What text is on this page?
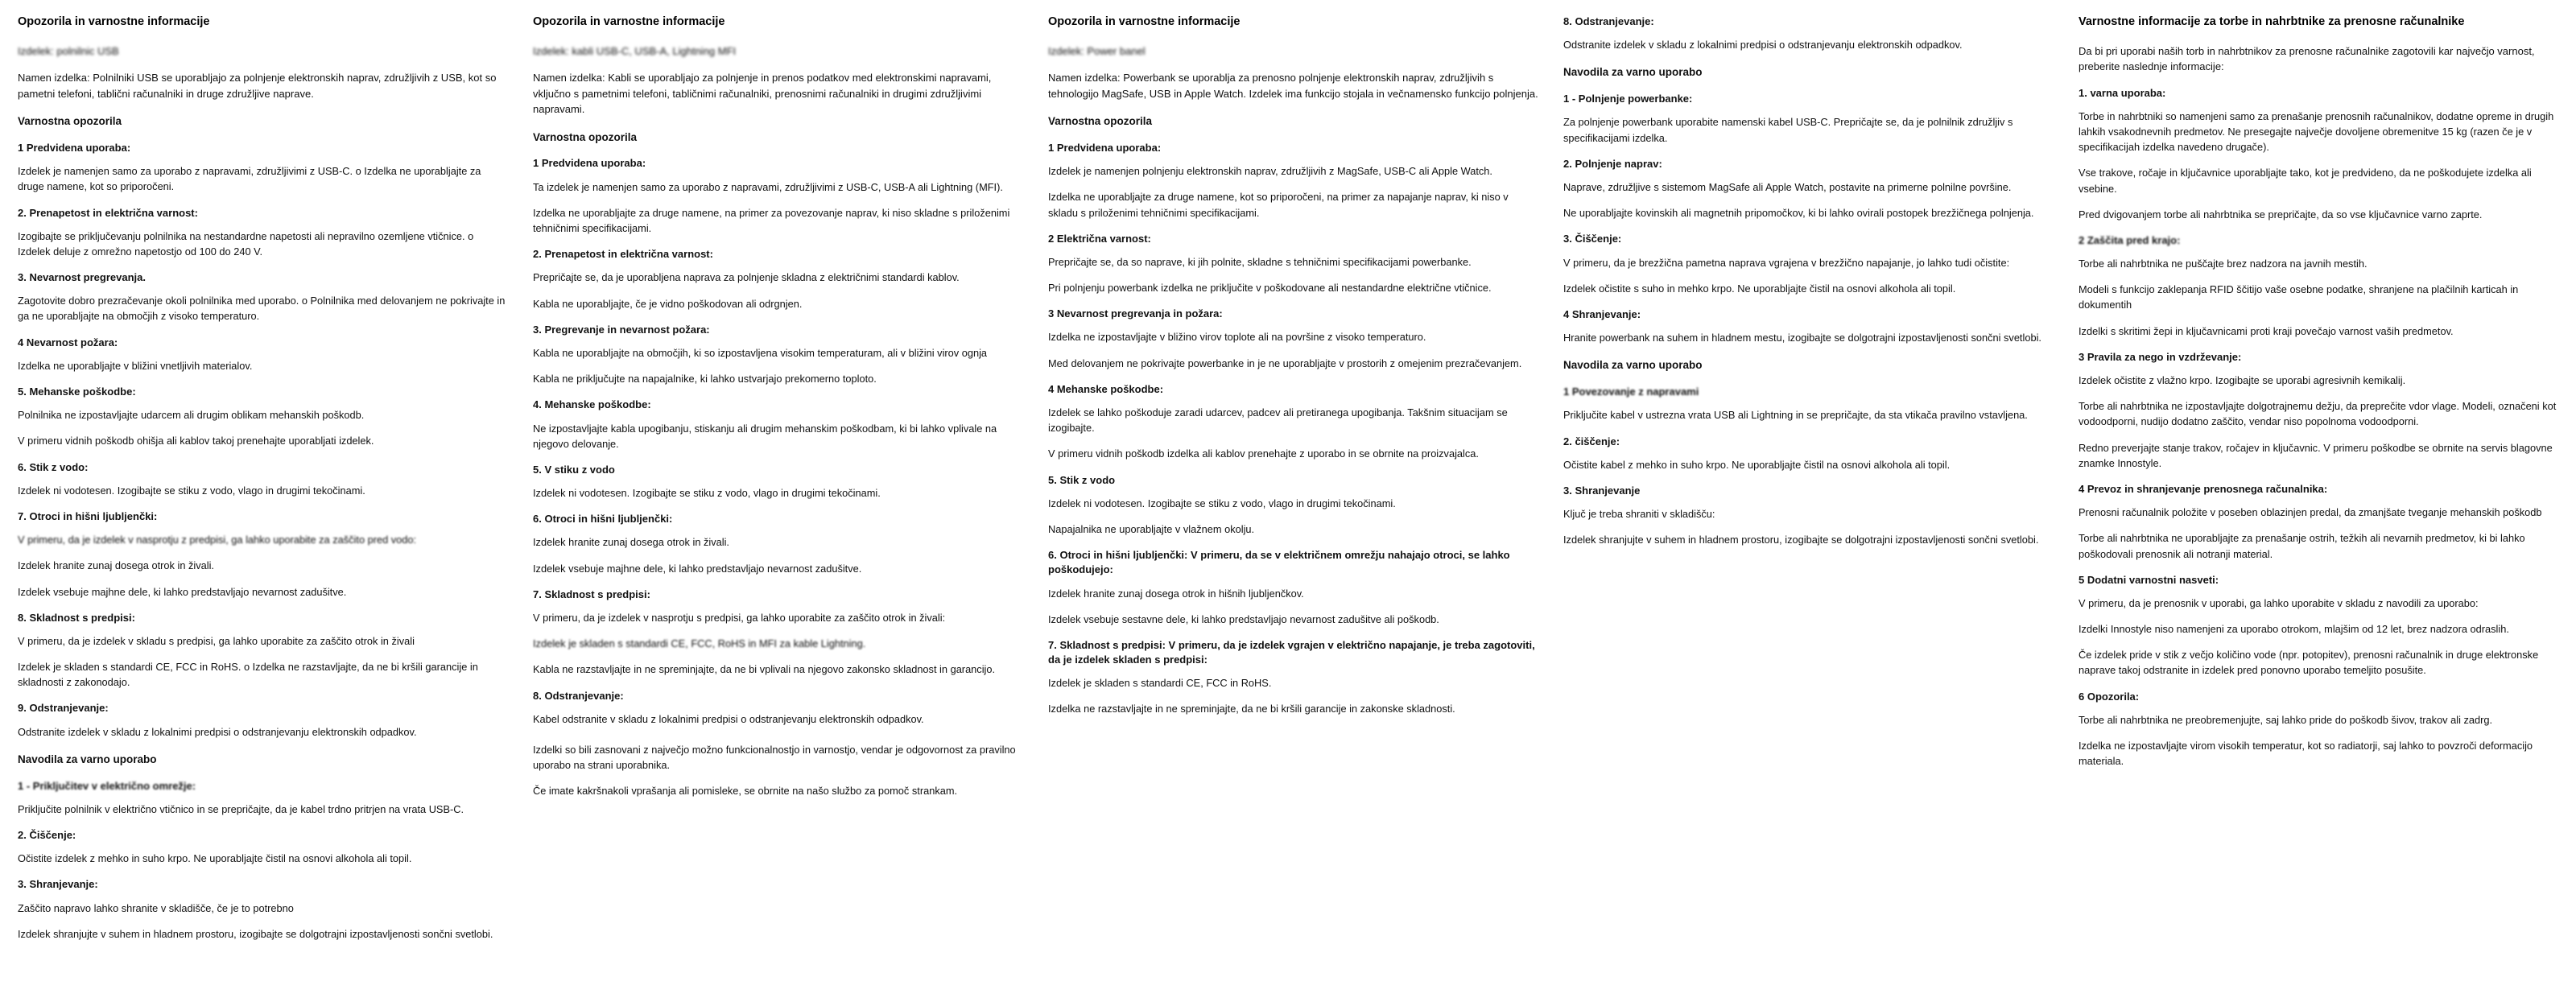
Opozorila in varnostne informacije

Izdelek: polnilnic USB

Namen izdelka: Polnilniki USB se uporabljajo za polnjenje elektronskih naprav, združljivih z USB, kot so pametni telefoni, tablični računalniki in druge združljive naprave.

Varnostna opozorila
1 Predvidena uporaba:

Izdelek je namenjen samo za uporabo z napravami, združljivimi z USB-C. o Izdelka ne uporabljajte za druge namene, kot so priporočeni.

2. Prenapetost in električna varnost:

Izogibajte se priključevanju polnilnika na nestandardne napetosti ali nepravilno ozemljene vtičnice. o Izdelek deluje z omrežno napetostjo od 100 do 240 V.

3. Nevarnost pregrevanja.

Zagotovite dobro prezračevanje okoli polnilnika med uporabo. o Polnilnika med delovanjem ne pokrivajte in ga ne uporabljajte na območjih z visoko temperaturo.

4 Nevarnost požara:

Izdelka ne uporabljajte v bližini vnetljivih materialov.

5. Mehanske poškodbe:

Polnilnika ne izpostavljajte udarcem ali drugim oblikam mehanskih poškodb.

V primeru vidnih poškodb ohišja ali kablov takoj prenehajte uporabljati izdelek.

6. Stik z vodo:

Izdelek ni vodotesen. Izogibajte se stiku z vodo, vlago in drugimi tekočinami.

7. Otroci in hišni ljubljenčki:

V primeru, da je izdelek v nasprotju z predpisi, ga lahko uporabite za zaščito pred vodo:

Izdelek hranite zunaj dosega otrok in živali.

Izdelek vsebuje majhne dele, ki lahko predstavljajo nevarnost zadušitve.

8. Skladnost s predpisi:

V primeru, da je izdelek v skladu s predpisi, ga lahko uporabite za zaščito otrok in živali

Izdelek je skladen s standardi CE, FCC in RoHS. o Izdelka ne razstavljajte, da ne bi kršili garancije in skladnosti z zakonodajo.

9. Odstranjevanje:

Odstranite izdelek v skladu z lokalnimi predpisi o odstranjevanju elektronskih odpadkov.

Navodila za varno uporabo
1 - Priključitev v električno omrežje:

Priključite polnilnik v električno vtičnico in se prepričajte, da je kabel trdno pritrjen na vrata USB-C.

2. Čiščenje:

Očistite izdelek z mehko in suho krpo. Ne uporabljajte čistil na osnovi alkohola ali topil.

3. Shranjevanje:

Zaščito napravo lahko shranite v skladišče, če je to potrebno

Izdelek shranjujte v suhem in hladnem prostoru, izogibajte se dolgotrajni izpostavljenosti sončni svetlobi.

Opozorila in varnostne informacije

Izdelek: kabli USB-C, USB-A, Lightning MFI

Namen izdelka: Kabli se uporabljajo za polnjenje in prenos podatkov med elektronskimi napravami, vključno s pametnimi telefoni, tabličnimi računalniki, prenosnimi računalniki in drugimi združljivimi napravami.

Varnostna opozorila
1 Predvidena uporaba:

Ta izdelek je namenjen samo za uporabo z napravami, združljivimi z USB-C, USB-A ali Lightning (MFI).

Izdelka ne uporabljajte za druge namene, na primer za povezovanje naprav, ki niso skladne s priloženimi tehničnimi specifikacijami.

2. Prenapetost in električna varnost:

Prepričajte se, da je uporabljena naprava za polnjenje skladna z električnimi standardi kablov.

Kabla ne uporabljajte, če je vidno poškodovan ali odrgnjen.

3. Pregrevanje in nevarnost požara:

Kabla ne uporabljajte na območjih, ki so izpostavljena visokim temperaturam, ali v bližini virov ognja

Kabla ne priključujte na napajalnike, ki lahko ustvarjajo prekomerno toploto.

4. Mehanske poškodbe:

Ne izpostavljajte kabla upogibanju, stiskanju ali drugim mehanskim poškodbam, ki bi lahko vplivale na njegovo delovanje.

5. V stiku z vodo

Izdelek ni vodotesen. Izogibajte se stiku z vodo, vlago in drugimi tekočinami.

6. Otroci in hišni ljubljenčki:

Izdelek hranite zunaj dosega otrok in živali.

Izdelek vsebuje majhne dele, ki lahko predstavljajo nevarnost zadušitve.

7. Skladnost s predpisi:

V primeru, da je izdelek v nasprotju s predpisi, ga lahko uporabite za zaščito otrok in živali:

Izdelek je skladen s standardi CE, FCC, RoHS in MFI za kable Lightning.

Kabla ne razstavljajte in ne spreminjajte, da ne bi vplivali na njegovo zakonsko skladnost in garancijo.

8. Odstranjevanje:

Kabel odstranite v skladu z lokalnimi predpisi o odstranjevanju elektronskih odpadkov.

Izdelki so bili zasnovani z največjo možno funkcionalnostjo in varnostjo, vendar je odgovornost za pravilno uporabo na strani uporabnika.

Če imate kakršnakoli vprašanja ali pomisleke, se obrnite na našo službo za pomoč strankam.

Opozorila in varnostne informacije

Izdelek: Power banel

Namen izdelka: Powerbank se uporablja za prenosno polnjenje elektronskih naprav, združljivih s tehnologijo MagSafe, USB in Apple Watch. Izdelek ima funkcijo stojala in večnamensko funkcijo polnjenja.

Varnostna opozorila
1 Predvidena uporaba:

Izdelek je namenjen polnjenju elektronskih naprav, združljivih z MagSafe, USB-C ali Apple Watch.

Izdelka ne uporabljajte za druge namene, kot so priporočeni, na primer za napajanje naprav, ki niso v skladu s priloženimi tehničnimi specifikacijami.

2 Električna varnost:

Prepričajte se, da so naprave, ki jih polnite, skladne s tehničnimi specifikacijami powerbanke.

Pri polnjenju powerbank izdelka ne priključite v poškodovane ali nestandardne električne vtičnice.

3 Nevarnost pregrevanja in požara:

Izdelka ne izpostavljajte v bližino virov toplote ali na površine z visoko temperaturo.

Med delovanjem ne pokrivajte powerbanke in je ne uporabljajte v prostorih z omejenim prezračevanjem.

4 Mehanske poškodbe:

Izdelek se lahko poškoduje zaradi udarcev, padcev ali pretiranega upogibanja. Takšnim situacijam se izogibajte.

V primeru vidnih poškodb izdelka ali kablov prenehajte z uporabo in se obrnite na proizvajalca.

5. Stik z vodo

Izdelek ni vodotesen. Izogibajte se stiku z vodo, vlago in drugimi tekočinami.

Napajalnika ne uporabljajte v vlažnem okolju.

6. Otroci in hišni ljubljenčki: V primeru, da se v električnem omrežju nahajajo otroci, se lahko poškodujejo:

Izdelek hranite zunaj dosega otrok in hišnih ljubljenčkov.

Izdelek vsebuje sestavne dele, ki lahko predstavljajo nevarnost zadušitve ali poškodb.

7. Skladnost s predpisi: V primeru, da je izdelek vgrajen v električno napajanje, je treba zagotoviti, da je izdelek skladen s predpisi:

Izdelek je skladen s standardi CE, FCC in RoHS.

Izdelka ne razstavljajte in ne spreminjajte, da ne bi kršili garancije in zakonske skladnosti.

8. Odstranjevanje:

Odstranite izdelek v skladu z lokalnimi predpisi o odstranjevanju elektronskih odpadkov.

Navodila za varno uporabo
1 - Polnjenje powerbanke:

Za polnjenje powerbank uporabite namenski kabel USB-C. Prepričajte se, da je polnilnik združljiv s specifikacijami izdelka.

2. Polnjenje naprav:

Naprave, združljive s sistemom MagSafe ali Apple Watch, postavite na primerne polnilne površine.

Ne uporabljajte kovinskih ali magnetnih pripomočkov, ki bi lahko ovirali postopek brezžičnega polnjenja.

3. Čiščenje:

V primeru, da je brezžična pametna naprava vgrajena v brezžično napajanje, jo lahko tudi očistite:

Izdelek očistite s suho in mehko krpo. Ne uporabljajte čistil na osnovi alkohola ali topil.

4 Shranjevanje:

Hranite powerbank na suhem in hladnem mestu, izogibajte se dolgotrajni izpostavljenosti sončni svetlobi.

Navodila za varno uporabo
1 Povezovanje z napravami

Priključite kabel v ustrezna vrata USB ali Lightning in se prepričajte, da sta vtikača pravilno vstavljena.

2. čiščenje:

Očistite kabel z mehko in suho krpo. Ne uporabljajte čistil na osnovi alkohola ali topil.

3. Shranjevanje

Ključ je treba shraniti v skladišču:

Izdelek shranjujte v suhem in hladnem prostoru, izogibajte se dolgotrajni izpostavljenosti sončni svetlobi.

Varnostne informacije za torbe in nahrbtnike za prenosne računalnike

Da bi pri uporabi naših torb in nahrbtnikov za prenosne računalnike zagotovili kar največjo varnost, preberite naslednje informacije:

1. varna uporaba:

Torbe in nahrbtniki so namenjeni samo za prenašanje prenosnih računalnikov, dodatne opreme in drugih lahkih vsakodnevnih predmetov. Ne presegajte največje dovoljene obremenitve 15 kg (razen če je v specifikacijah izdelka navedeno drugače).

Vse trakove, ročaje in ključavnice uporabljajte tako, kot je predvideno, da ne poškodujete izdelka ali vsebine.

Pred dvigovanjem torbe ali nahrbtnika se prepričajte, da so vse ključavnice varno zaprte.

2 Zaščita pred krajo:

Torbe ali nahrbtnika ne puščajte brez nadzora na javnih mestih.

Modeli s funkcijo zaklepanja RFID ščitijo vaše osebne podatke, shranjene na plačilnih karticah in dokumentih

Izdelki s skritimi žepi in ključavnicami proti kraji povečajo varnost vaših predmetov.

3 Pravila za nego in vzdrževanje:

Izdelek očistite z vlažno krpo. Izogibajte se uporabi agresivnih kemikalij.

Torbe ali nahrbtnika ne izpostavljajte dolgotrajnemu dežju, da preprečite vdor vlage. Modeli, označeni kot vodoodporni, nudijo dodatno zaščito, vendar niso popolnoma vodoodporni.

Redno preverjajte stanje trakov, ročajev in ključavnic. V primeru poškodbe se obrnite na servis blagovne znamke Innostyle.

4 Prevoz in shranjevanje prenosnega računalnika:

Prenosni računalnik položite v poseben oblazinjen predal, da zmanjšate tveganje mehanskih poškodb

Torbe ali nahrbtnika ne uporabljajte za prenašanje ostrih, težkih ali nevarnih predmetov, ki bi lahko poškodovali prenosnik ali notranji material.

5 Dodatni varnostni nasveti:

V primeru, da je prenosnik v uporabi, ga lahko uporabite v skladu z navodili za uporabo:

Izdelki Innostyle niso namenjeni za uporabo otrokom, mlajšim od 12 let, brez nadzora odraslih.

Če izdelek pride v stik z večjo količino vode (npr. potopitev), prenosni računalnik in druge elektronske naprave takoj odstranite in izdelek pred ponovno uporabo temeljito posušite.

6 Opozorila:

Torbe ali nahrbtnika ne preobremenjujte, saj lahko pride do poškodb šivov, trakov ali zadrg.

Izdelka ne izpostavljajte virom visokih temperatur, kot so radiatorji, saj lahko to povzroči deformacijo materiala.
